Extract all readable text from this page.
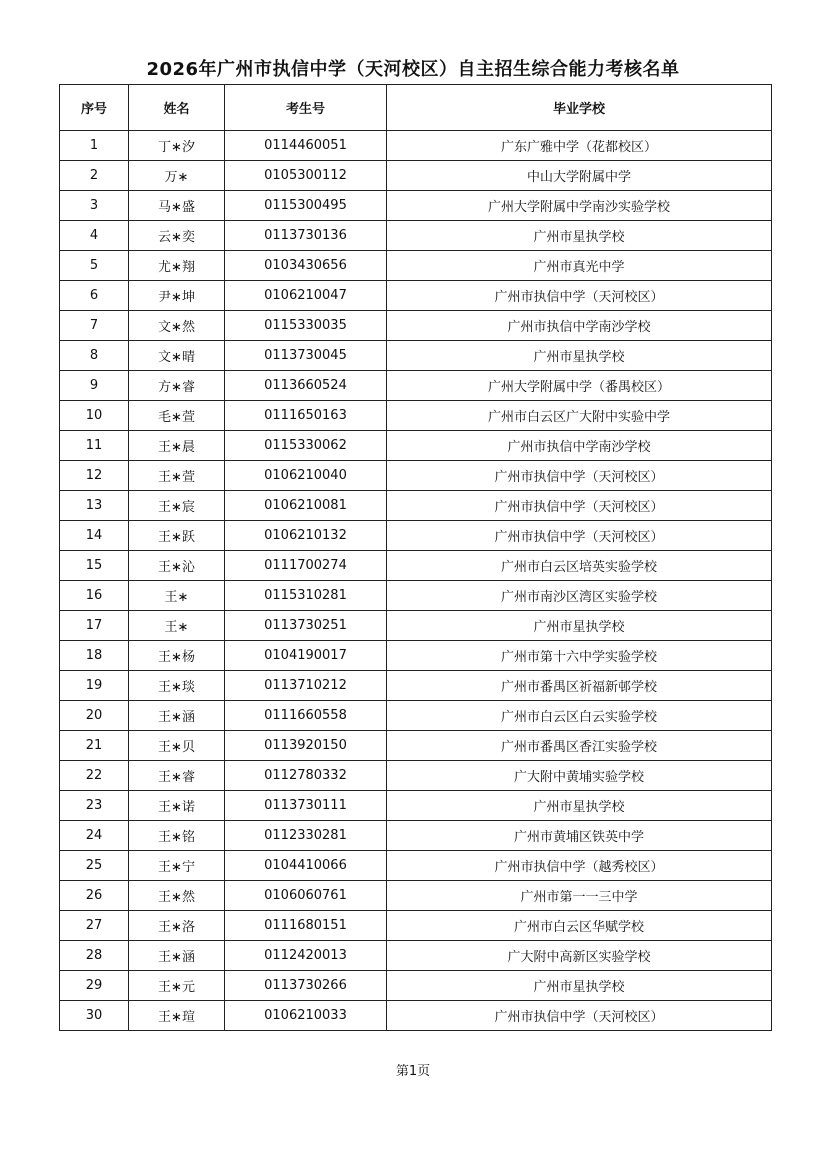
2026年广州市执信中学（天河校区）自主招生综合能力考核名单
序号	姓名	考生号	毕业学校
1	丁∗汐	0114460051	广东广雅中学（花都校区）
2	万∗	0105300112	中山大学附属中学
3	马∗盛	0115300495	广州大学附属中学南沙实验学校
4	云∗奕	0113730136	广州市星执学校
5	尤∗翔	0103430656	广州市真光中学
6	尹∗坤	0106210047	广州市执信中学（天河校区）
7	文∗然	0115330035	广州市执信中学南沙学校
8	文∗晴	0113730045	广州市星执学校
9	方∗睿	0113660524	广州大学附属中学（番禺校区）
10	毛∗萱	0111650163	广州市白云区广大附中实验中学
11	王∗晨	0115330062	广州市执信中学南沙学校
12	王∗萱	0106210040	广州市执信中学（天河校区）
13	王∗宸	0106210081	广州市执信中学（天河校区）
14	王∗跃	0106210132	广州市执信中学（天河校区）
15	王∗沁	0111700274	广州市白云区培英实验学校
16	王∗	0115310281	广州市南沙区湾区实验学校
17	王∗	0113730251	广州市星执学校
18	王∗杨	0104190017	广州市第十六中学实验学校
19	王∗琰	0113710212	广州市番禺区祈福新邨学校
20	王∗涵	0111660558	广州市白云区白云实验学校
21	王∗贝	0113920150	广州市番禺区香江实验学校
22	王∗睿	0112780332	广大附中黄埔实验学校
23	王∗诺	0113730111	广州市星执学校
24	王∗铭	0112330281	广州市黄埔区铁英中学
25	王∗宁	0104410066	广州市执信中学（越秀校区）
26	王∗然	0106060761	广州市第一一三中学
27	王∗洛	0111680151	广州市白云区华赋学校
28	王∗涵	0112420013	广大附中高新区实验学校
29	王∗元	0113730266	广州市星执学校
30	王∗瑄	0106210033	广州市执信中学（天河校区）
第1页
